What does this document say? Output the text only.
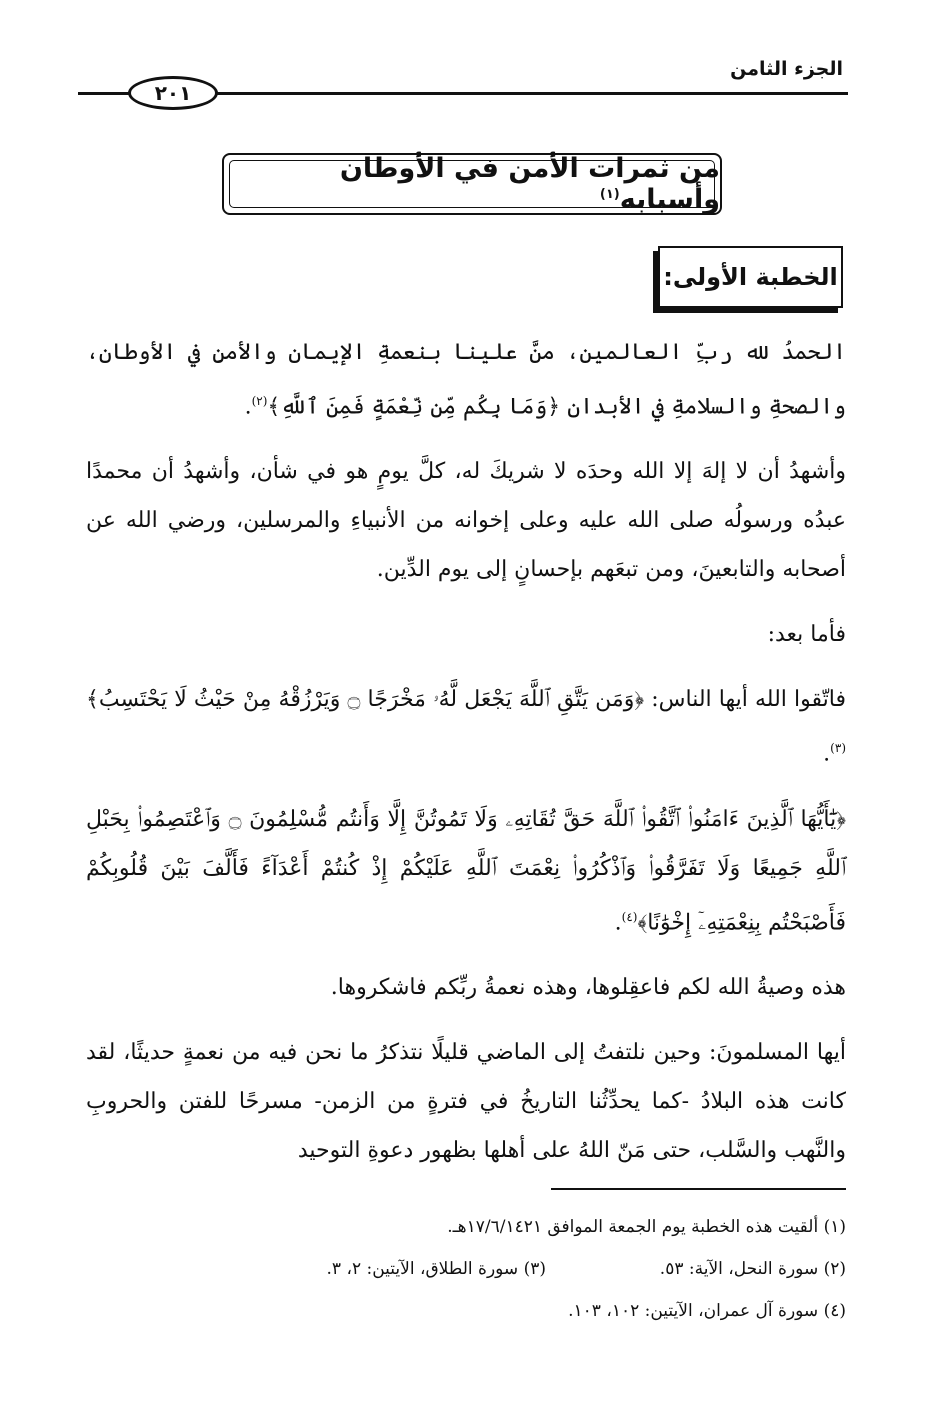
الجزء الثامن
٢٠١
من ثمرات الأمن في الأوطان وأسبابه$^{(١)}$
الخطبة الأولى:

الحمدُ لله ربِّ العالمين، منَّ علينا بنعمةِ الإيمان والأمنِ في الأوطان، والصحةِ والسلامةِ في الأبدان ﴿وَمَا بِكُم مِّن نِّعْمَةٍ فَمِنَ ٱللَّهِ﴾$^{(٢)}$.

وأشهدُ أن لا إلهَ إلا الله وحدَه لا شريكَ له، كلَّ يومٍ هو في شأن، وأشهدُ أن محمدًا عبدُه ورسولُه صلى الله عليه وعلى إخوانه من الأنبياءِ والمرسلين، ورضي الله عن أصحابه والتابعينَ، ومن تبعَهم بإحسانٍ إلى يوم الدِّين.

فأما بعد:

فاتّقوا الله أيها الناس: ﴿وَمَن يَتَّقِ ٱللَّهَ يَجْعَل لَّهُۥ مَخْرَجًا ۝ وَيَرْزُقْهُ مِنْ حَيْثُ لَا يَحْتَسِبُ﴾$^{(٣)}$.

﴿يَٰٓأَيُّهَا ٱلَّذِينَ ءَامَنُوا۟ ٱتَّقُوا۟ ٱللَّهَ حَقَّ تُقَاتِهِۦ وَلَا تَمُوتُنَّ إِلَّا وَأَنتُم مُّسْلِمُونَ ۝ وَٱعْتَصِمُوا۟ بِحَبْلِ ٱللَّهِ جَمِيعًا وَلَا تَفَرَّقُوا۟ وَٱذْكُرُوا۟ نِعْمَتَ ٱللَّهِ عَلَيْكُمْ إِذْ كُنتُمْ أَعْدَآءً فَأَلَّفَ بَيْنَ قُلُوبِكُمْ فَأَصْبَحْتُم بِنِعْمَتِهِۦٓ إِخْوَٰنًا﴾$^{(٤)}$.

هذه وصيةُ الله لكم فاعقِلوها، وهذه نعمةُ ربِّكم فاشكروها.

أيها المسلمونَ: وحين نلتفتُ إلى الماضي قليلًا نتذكرُ ما نحن فيه من نعمةٍ حديثًا، لقد كانت هذه البلادُ -كما يحدِّثُنا التاريخُ في فترةٍ من الزمن- مسرحًا للفتن والحروبِ والنَّهب والسَّلب، حتى مَنّ اللهُ على أهلها بظهور دعوةِ التوحيد

(١) ألقيت هذه الخطبة يوم الجمعة الموافق ١٧/٦/١٤٢١هـ.
(٢) سورة النحل، الآية: ٥٣.
(٣) سورة الطلاق، الآيتين: ٢، ٣.
(٤) سورة آل عمران، الآيتين: ١٠٢، ١٠٣.
